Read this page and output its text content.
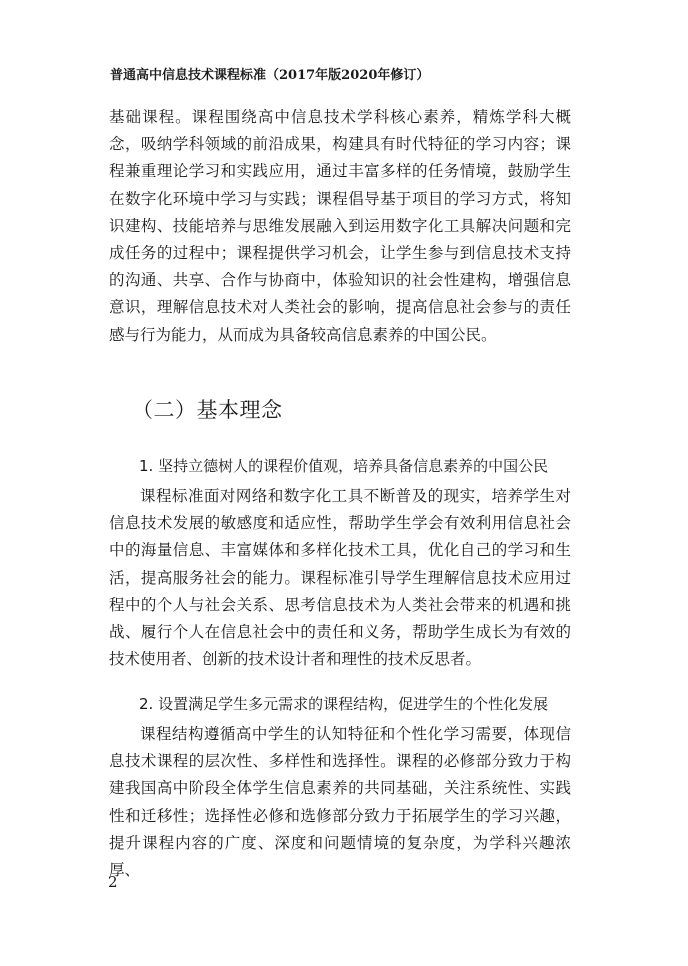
普通高中信息技术课程标准（2017年版2020年修订）
基础课程。课程围绕高中信息技术学科核心素养，精炼学科大概念，吸纳学科领域的前沿成果，构建具有时代特征的学习内容；课程兼重理论学习和实践应用，通过丰富多样的任务情境，鼓励学生在数字化环境中学习与实践；课程倡导基于项目的学习方式，将知识建构、技能培养与思维发展融入到运用数字化工具解决问题和完成任务的过程中；课程提供学习机会，让学生参与到信息技术支持的沟通、共享、合作与协商中，体验知识的社会性建构，增强信息意识，理解信息技术对人类社会的影响，提高信息社会参与的责任感与行为能力，从而成为具备较高信息素养的中国公民。
（二）基本理念
1. 坚持立德树人的课程价值观，培养具备信息素养的中国公民
课程标准面对网络和数字化工具不断普及的现实，培养学生对信息技术发展的敏感度和适应性，帮助学生学会有效利用信息社会中的海量信息、丰富媒体和多样化技术工具，优化自己的学习和生活，提高服务社会的能力。课程标准引导学生理解信息技术应用过程中的个人与社会关系、思考信息技术为人类社会带来的机遇和挑战、履行个人在信息社会中的责任和义务，帮助学生成长为有效的技术使用者、创新的技术设计者和理性的技术反思者。
2. 设置满足学生多元需求的课程结构，促进学生的个性化发展
课程结构遵循高中学生的认知特征和个性化学习需要，体现信息技术课程的层次性、多样性和选择性。课程的必修部分致力于构建我国高中阶段全体学生信息素养的共同基础，关注系统性、实践性和迁移性；选择性必修和选修部分致力于拓展学生的学习兴趣，提升课程内容的广度、深度和问题情境的复杂度，为学科兴趣浓厚、
2
